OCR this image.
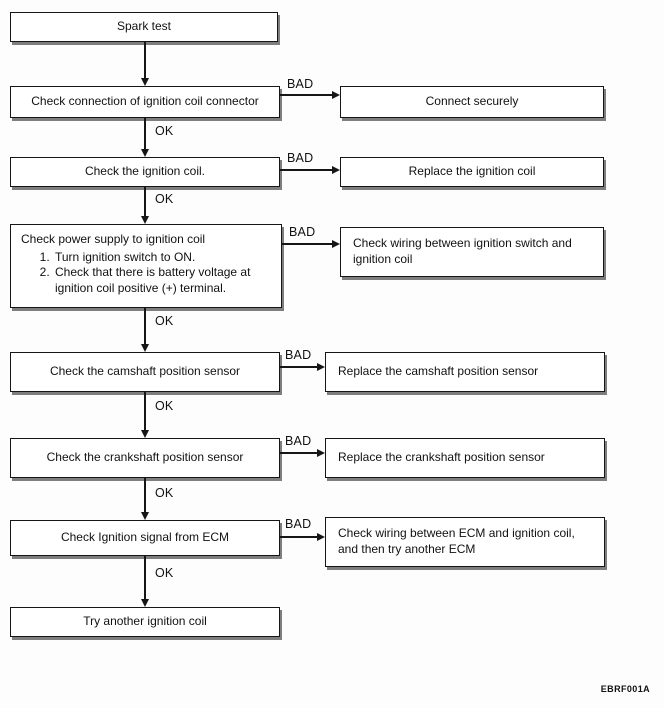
Spark test
Check connection of ignition coil connector
BAD
Connect securely
OK
Check the ignition coil.
BAD
Replace the ignition coil
OK
Check power supply to ignition coil
1. Turn ignition switch to ON.
2. Check that there is battery voltage at ignition coil positive (+) terminal.
BAD
Check wiring between ignition switch and ignition coil
OK
Check the camshaft position sensor
BAD
Replace the camshaft position sensor
OK
Check the crankshaft position sensor
BAD
Replace the crankshaft position sensor
OK
Check Ignition signal from ECM
BAD
Check wiring between ECM and ignition coil, and then try another ECM
OK
Try another ignition coil
EBRF001A
